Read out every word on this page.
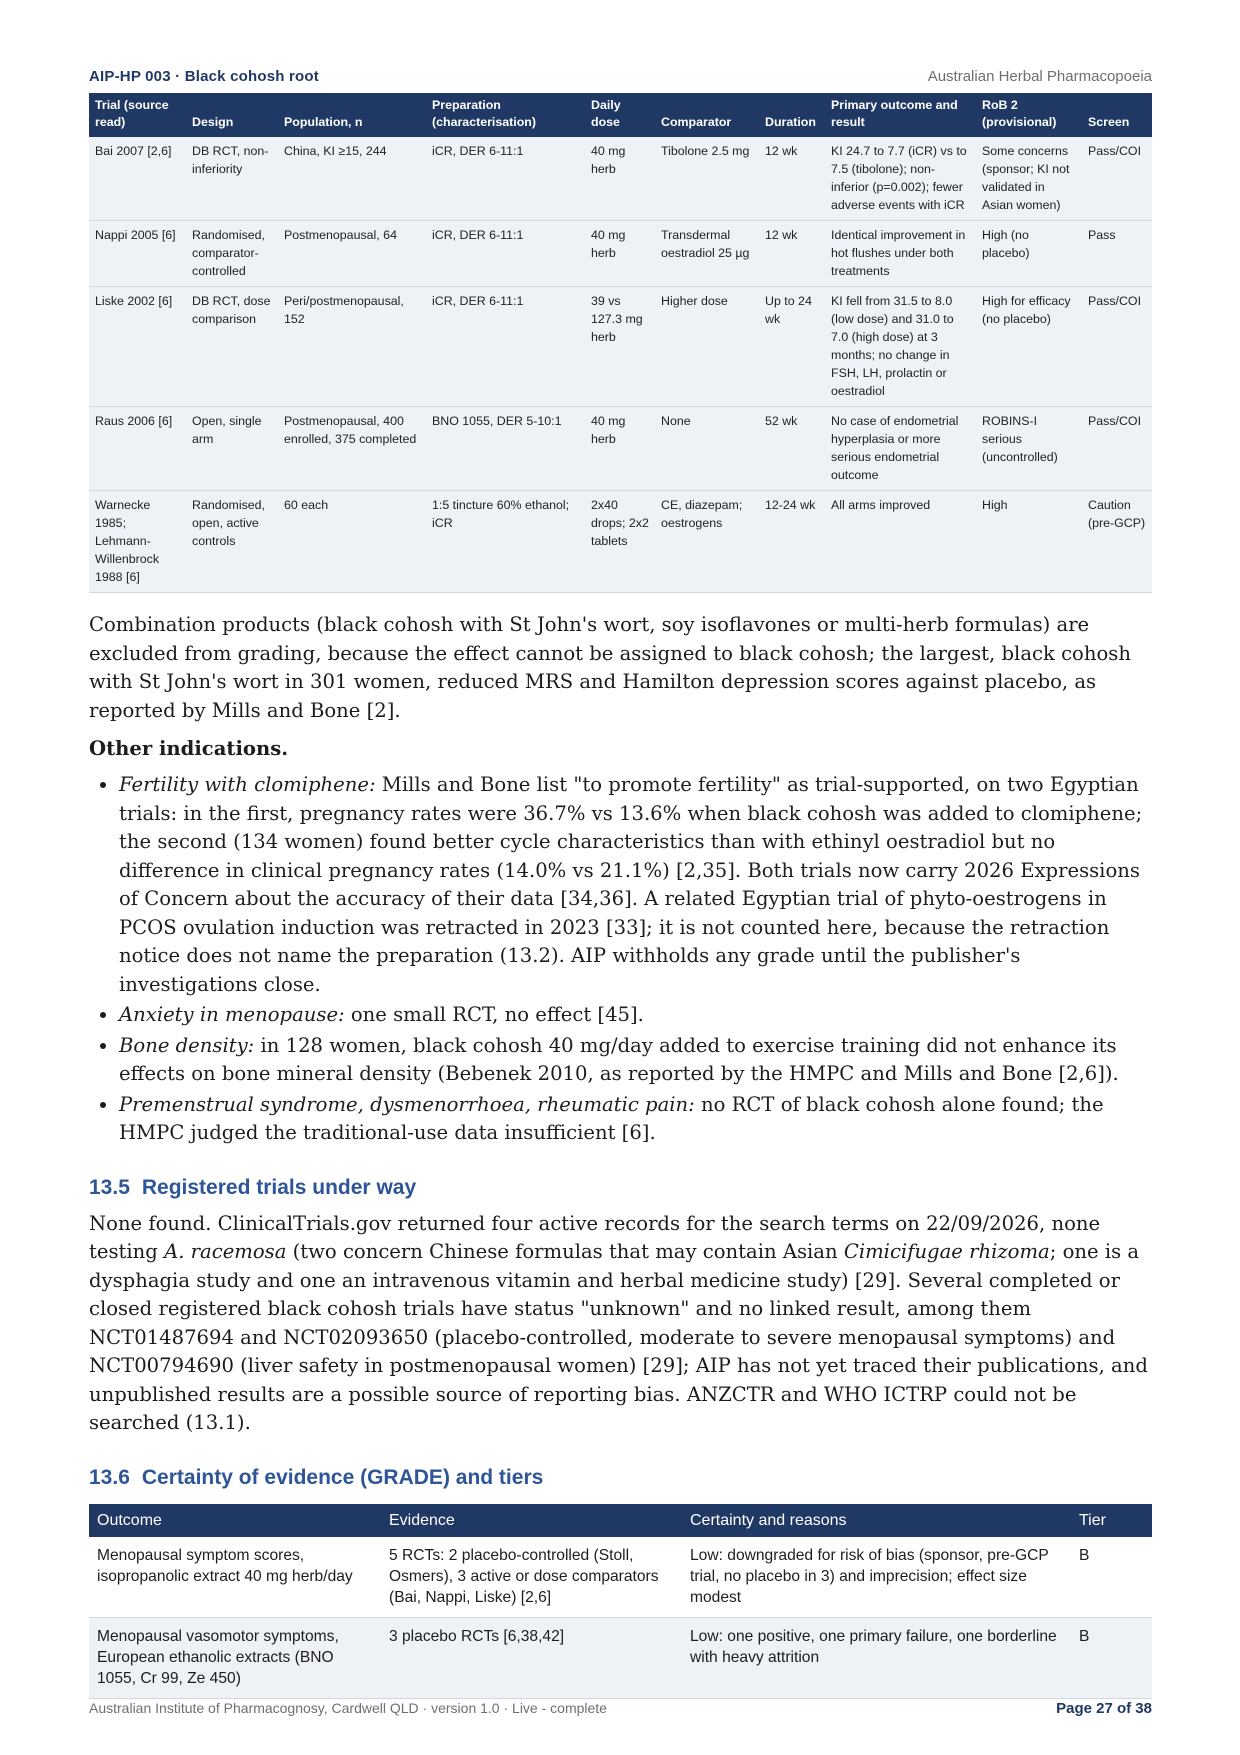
AIP-HP 003 · Black cohosh root	Australian Herbal Pharmacopoeia
Trial (source read)	Design	Population, n	Preparation (characterisation)	Daily dose	Comparator	Duration	Primary outcome and result	RoB 2 (provisional)	Screen
Bai 2007 [2,6]	DB RCT, non-inferiority	China, KI ≥15, 244	iCR, DER 6-11:1	40 mg herb	Tibolone 2.5 mg	12 wk	KI 24.7 to 7.7 (iCR) vs to 7.5 (tibolone); non-inferior (p=0.002); fewer adverse events with iCR	Some concerns (sponsor; KI not validated in Asian women)	Pass/COI
Nappi 2005 [6]	Randomised, comparator-controlled	Postmenopausal, 64	iCR, DER 6-11:1	40 mg herb	Transdermal oestradiol 25 µg	12 wk	Identical improvement in hot flushes under both treatments	High (no placebo)	Pass
Liske 2002 [6]	DB RCT, dose comparison	Peri/postmenopausal, 152	iCR, DER 6-11:1	39 vs 127.3 mg herb	Higher dose	Up to 24 wk	KI fell from 31.5 to 8.0 (low dose) and 31.0 to 7.0 (high dose) at 3 months; no change in FSH, LH, prolactin or oestradiol	High for efficacy (no placebo)	Pass/COI
Raus 2006 [6]	Open, single arm	Postmenopausal, 400 enrolled, 375 completed	BNO 1055, DER 5-10:1	40 mg herb	None	52 wk	No case of endometrial hyperplasia or more serious endometrial outcome	ROBINS-I serious (uncontrolled)	Pass/COI
Warnecke 1985; Lehmann-Willenbrock 1988 [6]	Randomised, open, active controls	60 each	1:5 tincture 60% ethanol; iCR	2x40 drops; 2x2 tablets	CE, diazepam; oestrogens	12-24 wk	All arms improved	High	Caution (pre-GCP)

Combination products (black cohosh with St John's wort, soy isoflavones or multi-herb formulas) are excluded from grading, because the effect cannot be assigned to black cohosh; the largest, black cohosh with St John's wort in 301 women, reduced MRS and Hamilton depression scores against placebo, as reported by Mills and Bone [2].

Other indications.
• Fertility with clomiphene: Mills and Bone list "to promote fertility" as trial-supported, on two Egyptian trials: in the first, pregnancy rates were 36.7% vs 13.6% when black cohosh was added to clomiphene; the second (134 women) found better cycle characteristics than with ethinyl oestradiol but no difference in clinical pregnancy rates (14.0% vs 21.1%) [2,35]. Both trials now carry 2026 Expressions of Concern about the accuracy of their data [34,36]. A related Egyptian trial of phyto-oestrogens in PCOS ovulation induction was retracted in 2023 [33]; it is not counted here, because the retraction notice does not name the preparation (13.2). AIP withholds any grade until the publisher's investigations close.
• Anxiety in menopause: one small RCT, no effect [45].
• Bone density: in 128 women, black cohosh 40 mg/day added to exercise training did not enhance its effects on bone mineral density (Bebenek 2010, as reported by the HMPC and Mills and Bone [2,6]).
• Premenstrual syndrome, dysmenorrhoea, rheumatic pain: no RCT of black cohosh alone found; the HMPC judged the traditional-use data insufficient [6].
13.5 Registered trials under way

None found. ClinicalTrials.gov returned four active records for the search terms on 22/09/2026, none testing A. racemosa (two concern Chinese formulas that may contain Asian Cimicifugae rhizoma; one is a dysphagia study and one an intravenous vitamin and herbal medicine study) [29]. Several completed or closed registered black cohosh trials have status "unknown" and no linked result, among them NCT01487694 and NCT02093650 (placebo-controlled, moderate to severe menopausal symptoms) and NCT00794690 (liver safety in postmenopausal women) [29]; AIP has not yet traced their publications, and unpublished results are a possible source of reporting bias. ANZCTR and WHO ICTRP could not be searched (13.1).

13.6 Certainty of evidence (GRADE) and tiers
Outcome	Evidence	Certainty and reasons	Tier
Menopausal symptom scores, isopropanolic extract 40 mg herb/day	5 RCTs: 2 placebo-controlled (Stoll, Osmers), 3 active or dose comparators (Bai, Nappi, Liske) [2,6]	Low: downgraded for risk of bias (sponsor, pre-GCP trial, no placebo in 3) and imprecision; effect size modest	B
Menopausal vasomotor symptoms, European ethanolic extracts (BNO 1055, Cr 99, Ze 450)	3 placebo RCTs [6,38,42]	Low: one positive, one primary failure, one borderline with heavy attrition	B
Australian Institute of Pharmacognosy, Cardwell QLD · version 1.0 · Live - complete	Page 27 of 38
